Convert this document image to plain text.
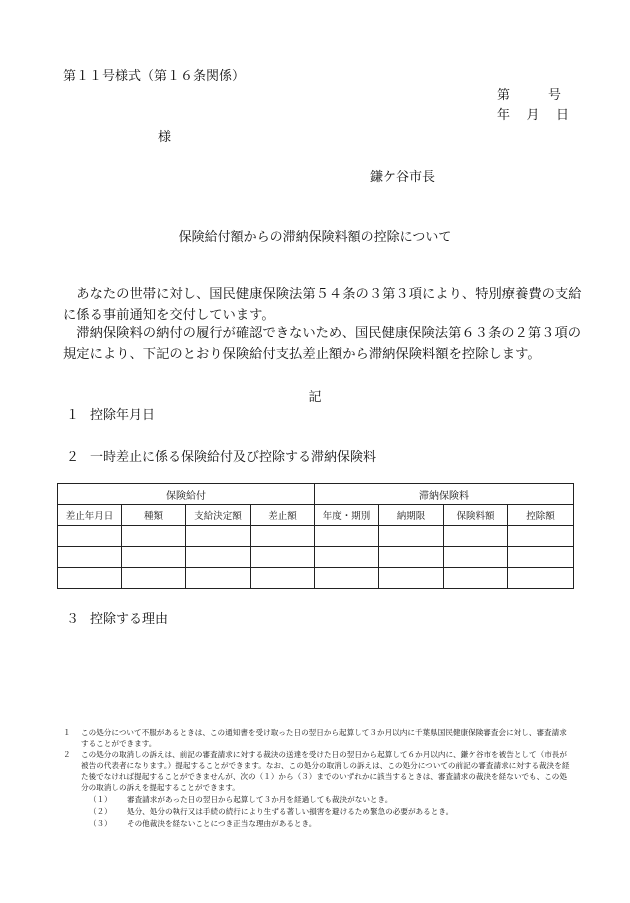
第１１号様式（第１６条関係）
第	号
年 月 日
様
鎌ケ谷市長
保険給付額からの滞納保険料額の控除について
　あなたの世帯に対し、国民健康保険法第５４条の３第３項により、特別療養費の支給に係る事前通知を交付しています。
　滞納保険料の納付の履行が確認できないため、国民健康保険法第６３条の２第３項の規定により、下記のとおり保険給付支払差止額から滞納保険料額を控除します。
記
１ 控除年月日
２ 一時差止に係る保険給付及び控除する滞納保険料
保険給付				滞納保険料			
差止年月日	種類	支給決定額	差止額	年度・期別	納期限	保険料額	控除額

３ 控除する理由
１	この処分について不服があるときは、この通知書を受け取った日の翌日から起算して３か月以内に千葉県国民健康保険審査会に対し、審査請求することができます。
２	この処分の取消しの訴えは、前記の審査請求に対する裁決の送達を受けた日の翌日から起算して６か月以内に、鎌ケ谷市を被告として（市長が被告の代表者になります。）提起することができます。なお、この処分の取消しの訴えは、この処分についての前記の審査請求に対する裁決を経た後でなければ提起することができませんが、次の（１）から（３）までのいずれかに該当するときは、審査請求の裁決を経ないでも、この処分の取消しの訴えを提起することができます。
（１）	審査請求があった日の翌日から起算して３か月を経過しても裁決がないとき。
（２）	処分、処分の執行又は手続の続行により生ずる著しい損害を避けるため緊急の必要があるとき。
（３）	その他裁決を経ないことにつき正当な理由があるとき。
